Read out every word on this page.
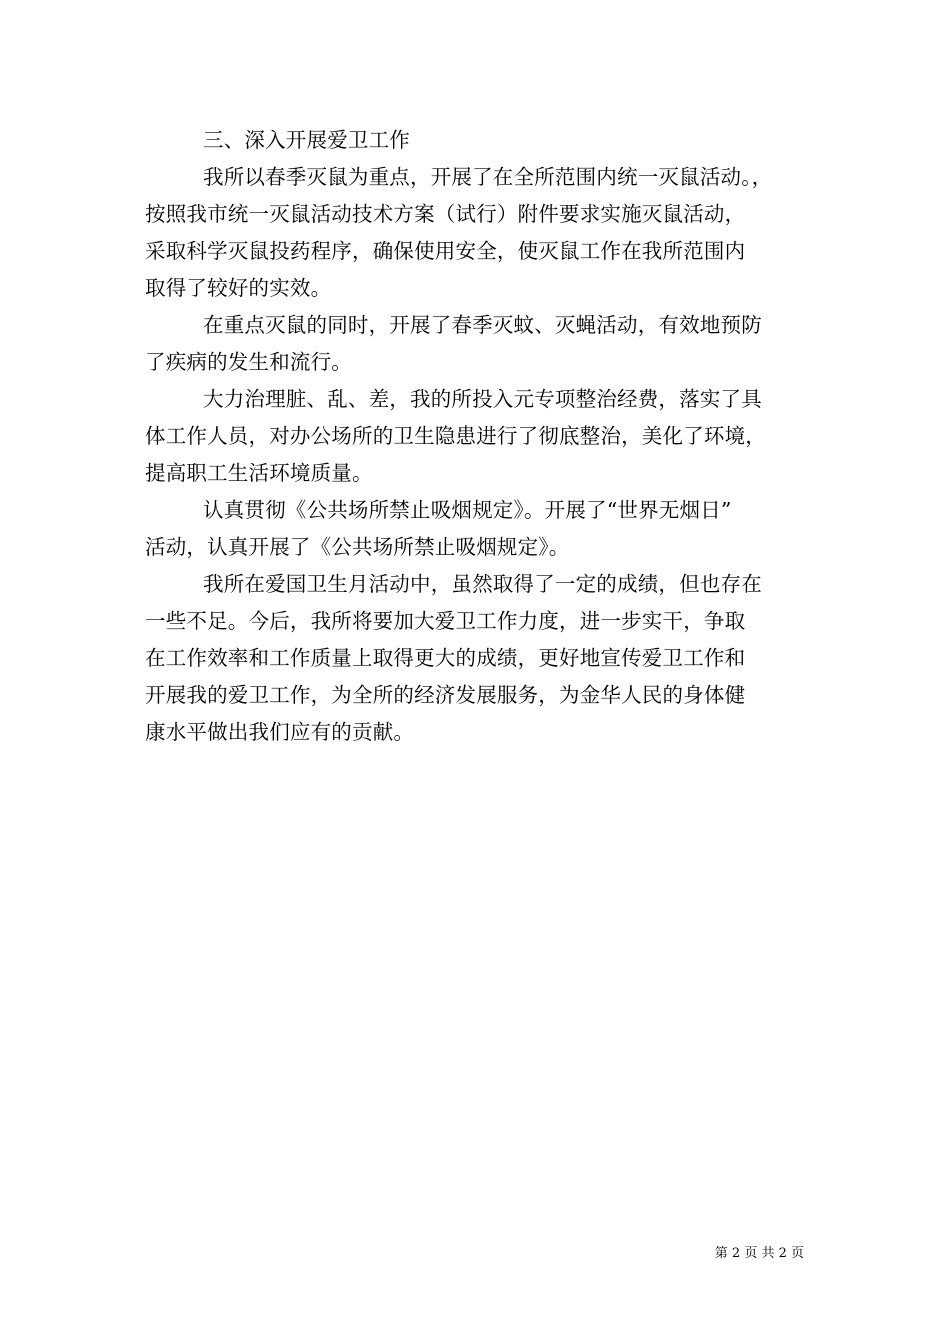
三、深入开展爱卫工作
我所以春季灭鼠为重点，开展了在全所范围内统一灭鼠活动。，
按照我市统一灭鼠活动技术方案（试行）附件要求实施灭鼠活动，
采取科学灭鼠投药程序，确保使用安全，使灭鼠工作在我所范围内
取得了较好的实效。
在重点灭鼠的同时，开展了春季灭蚊、灭蝇活动，有效地预防
了疾病的发生和流行。
大力治理脏、乱、差，我的所投入元专项整治经费，落实了具
体工作人员，对办公场所的卫生隐患进行了彻底整治，美化了环境，
提高职工生活环境质量。
认真贯彻《公共场所禁止吸烟规定》。开展了“世界无烟日”
活动，认真开展了《公共场所禁止吸烟规定》。
我所在爱国卫生月活动中，虽然取得了一定的成绩，但也存在
一些不足。今后，我所将要加大爱卫工作力度，进一步实干，争取
在工作效率和工作质量上取得更大的成绩，更好地宣传爱卫工作和
开展我的爱卫工作，为全所的经济发展服务，为金华人民的身体健
康水平做出我们应有的贡献。
第 2 页 共 2 页
